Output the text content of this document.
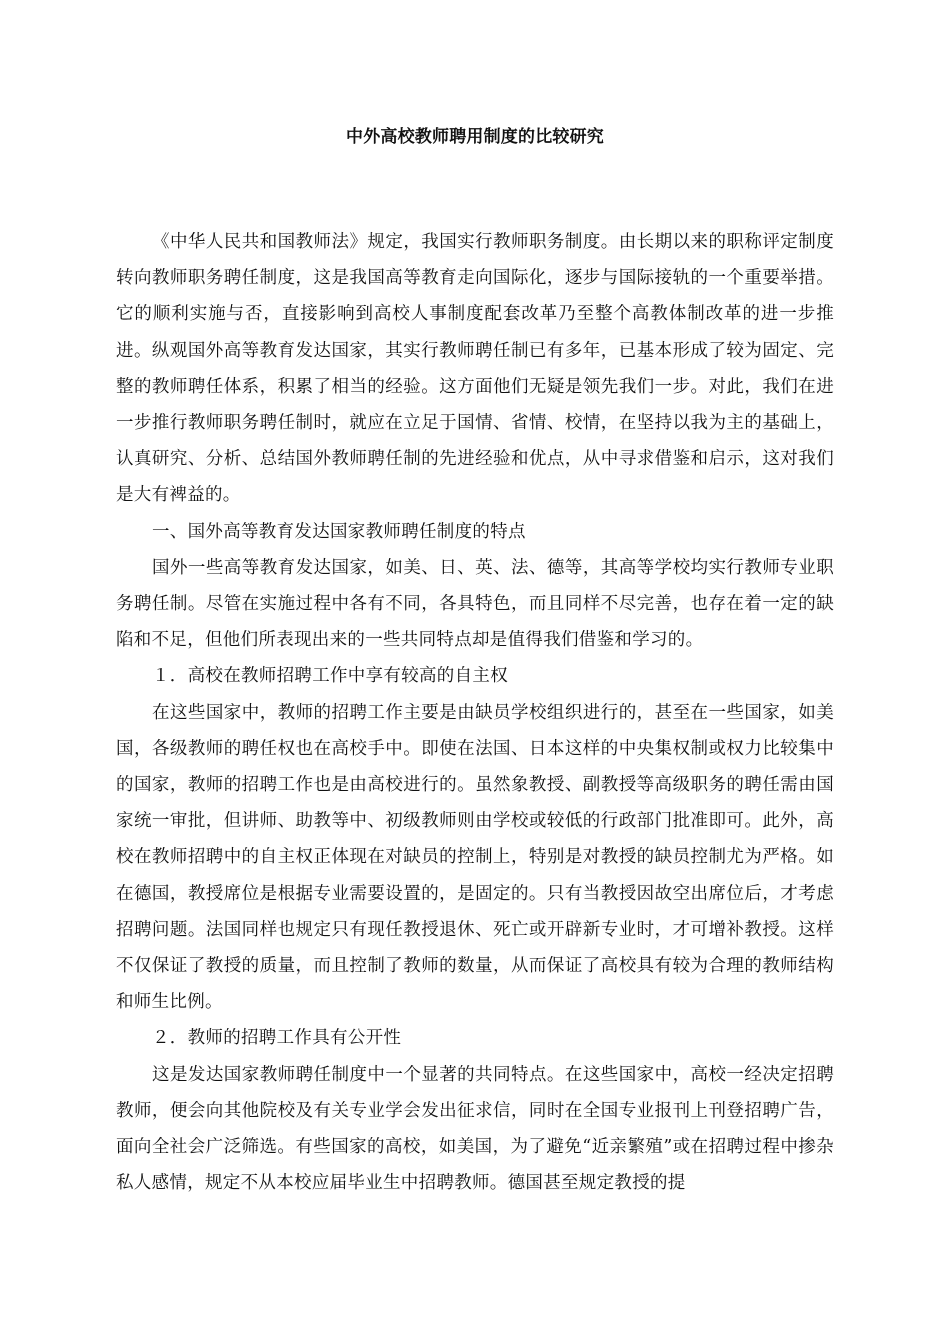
中外高校教师聘用制度的比较研究

《中华人民共和国教师法》规定，我国实行教师职务制度。由长期以来的职称评定制度转向教师职务聘任制度，这是我国高等教育走向国际化，逐步与国际接轨的一个重要举措。它的顺利实施与否，直接影响到高校人事制度配套改革乃至整个高教体制改革的进一步推进。纵观国外高等教育发达国家，其实行教师聘任制已有多年，已基本形成了较为固定、完整的教师聘任体系，积累了相当的经验。这方面他们无疑是领先我们一步。对此，我们在进一步推行教师职务聘任制时，就应在立足于国情、省情、校情，在坚持以我为主的基础上，认真研究、分析、总结国外教师聘任制的先进经验和优点，从中寻求借鉴和启示，这对我们是大有裨益的。

一、国外高等教育发达国家教师聘任制度的特点

国外一些高等教育发达国家，如美、日、英、法、德等，其高等学校均实行教师专业职务聘任制。尽管在实施过程中各有不同，各具特色，而且同样不尽完善，也存在着一定的缺陷和不足，但他们所表现出来的一些共同特点却是值得我们借鉴和学习的。

１．高校在教师招聘工作中享有较高的自主权

在这些国家中，教师的招聘工作主要是由缺员学校组织进行的，甚至在一些国家，如美国，各级教师的聘任权也在高校手中。即使在法国、日本这样的中央集权制或权力比较集中的国家，教师的招聘工作也是由高校进行的。虽然象教授、副教授等高级职务的聘任需由国家统一审批，但讲师、助教等中、初级教师则由学校或较低的行政部门批准即可。此外，高校在教师招聘中的自主权正体现在对缺员的控制上，特别是对教授的缺员控制尤为严格。如在德国，教授席位是根据专业需要设置的，是固定的。只有当教授因故空出席位后，才考虑招聘问题。法国同样也规定只有现任教授退休、死亡或开辟新专业时，才可增补教授。这样不仅保证了教授的质量，而且控制了教师的数量，从而保证了高校具有较为合理的教师结构和师生比例。

２．教师的招聘工作具有公开性

这是发达国家教师聘任制度中一个显著的共同特点。在这些国家中，高校一经决定招聘教师，便会向其他院校及有关专业学会发出征求信，同时在全国专业报刊上刊登招聘广告，面向全社会广泛筛选。有些国家的高校，如美国，为了避免“近亲繁殖”或在招聘过程中掺杂私人感情，规定不从本校应届毕业生中招聘教师。德国甚至规定教授的提
